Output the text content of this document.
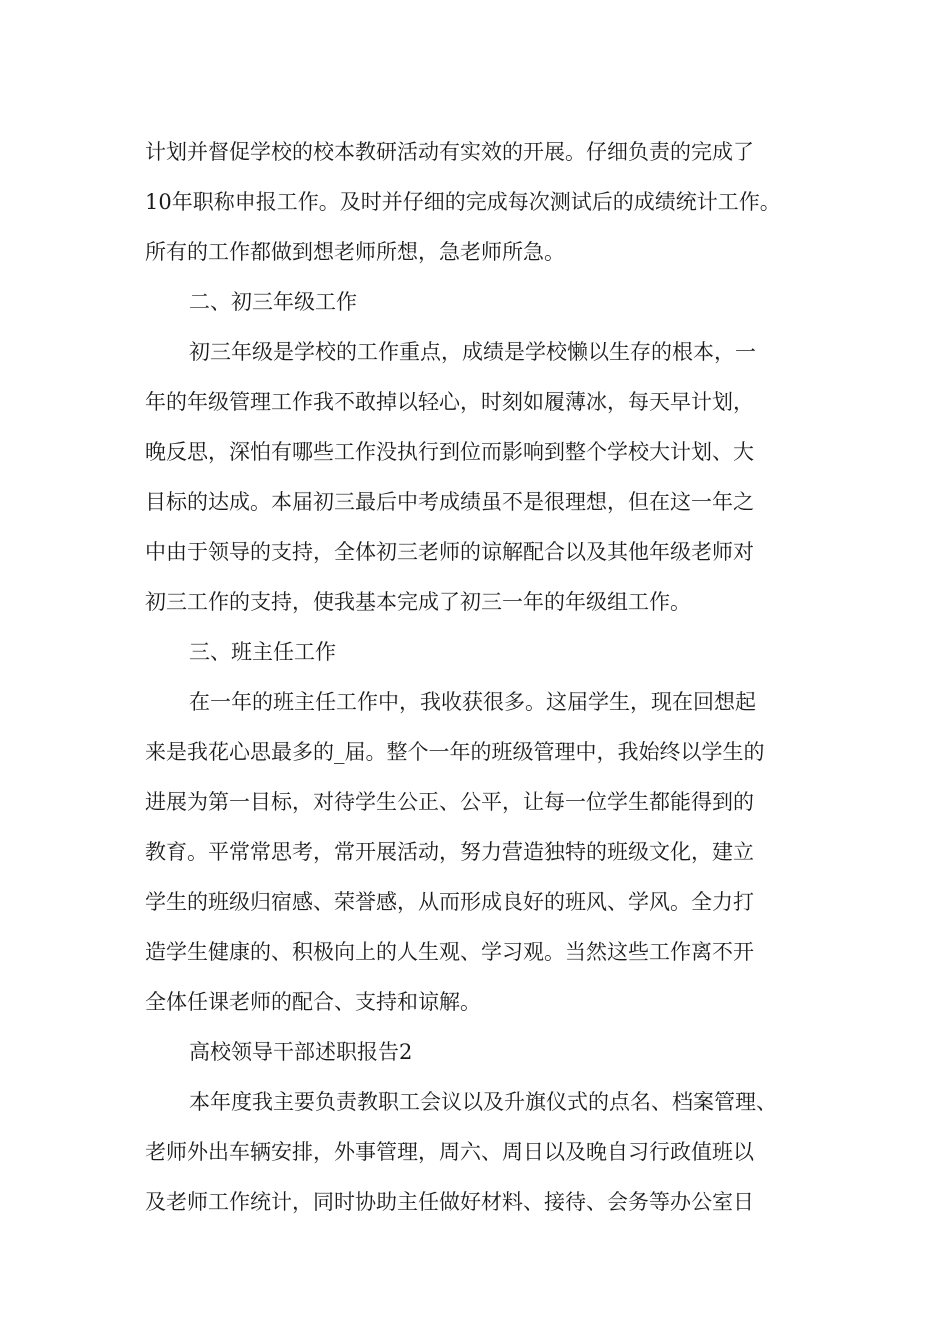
计划并督促学校的校本教研活动有实效的开展。仔细负责的完成了
10年职称申报工作。及时并仔细的完成每次测试后的成绩统计工作。
所有的工作都做到想老师所想，急老师所急。
二、初三年级工作
初三年级是学校的工作重点，成绩是学校懒以生存的根本，一
年的年级管理工作我不敢掉以轻心，时刻如履薄冰，每天早计划，
晚反思，深怕有哪些工作没执行到位而影响到整个学校大计划、大
目标的达成。本届初三最后中考成绩虽不是很理想，但在这一年之
中由于领导的支持，全体初三老师的谅解配合以及其他年级老师对
初三工作的支持，使我基本完成了初三一年的年级组工作。
三、班主任工作
在一年的班主任工作中，我收获很多。这届学生，现在回想起
来是我花心思最多的_届。整个一年的班级管理中，我始终以学生的
进展为第一目标，对待学生公正、公平，让每一位学生都能得到的
教育。平常常思考，常开展活动，努力营造独特的班级文化，建立
学生的班级归宿感、荣誉感，从而形成良好的班风、学风。全力打
造学生健康的、积极向上的人生观、学习观。当然这些工作离不开
全体任课老师的配合、支持和谅解。
高校领导干部述职报告2
本年度我主要负责教职工会议以及升旗仪式的点名、档案管理、
老师外出车辆安排，外事管理，周六、周日以及晚自习行政值班以
及老师工作统计，同时协助主任做好材料、接待、会务等办公室日
